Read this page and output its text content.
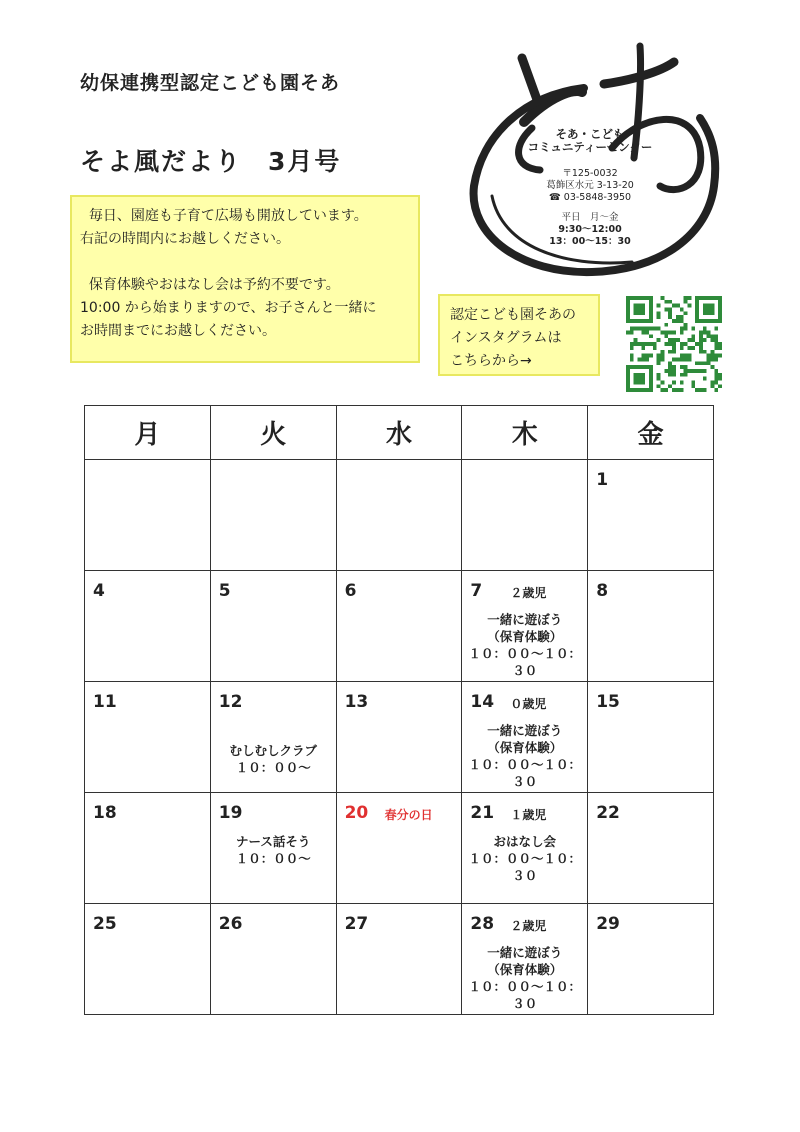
幼保連携型認定こども園そあ
そよ風だより 3月号

毎日、園庭も子育て広場も開放しています。
右記の時間内にお越しください。

保育体験やおはなし会は予約不要です。
10:00 から始まりますので、お子さんと一緒に
お時間までにお越しください。

そあ・こども
コミュニティーセンター
〒125-0032
葛飾区水元 3-13-20
☎ 03-5848-3950
平日　月～金
9:30～12:00
13：00～15：30
認定こども園そあの
インスタグラムは
こちらから→
月	火	水	木	金

				1

4	5	6	7 ２歳児
一緒に遊ぼう
（保育体験）
１０：００～１０：３０	8

11	12
むしむしクラブ
１０：００～	13	14 ０歳児
一緒に遊ぼう
（保育体験）
１０：００～１０：３０	15

18	19
ナース話そう
１０：００～	20 春分の日	21 １歳児
おはなし会
１０：００～１０：３０	22

25	26	27	28 ２歳児
一緒に遊ぼう
（保育体験）
１０：００～１０：３０	29
